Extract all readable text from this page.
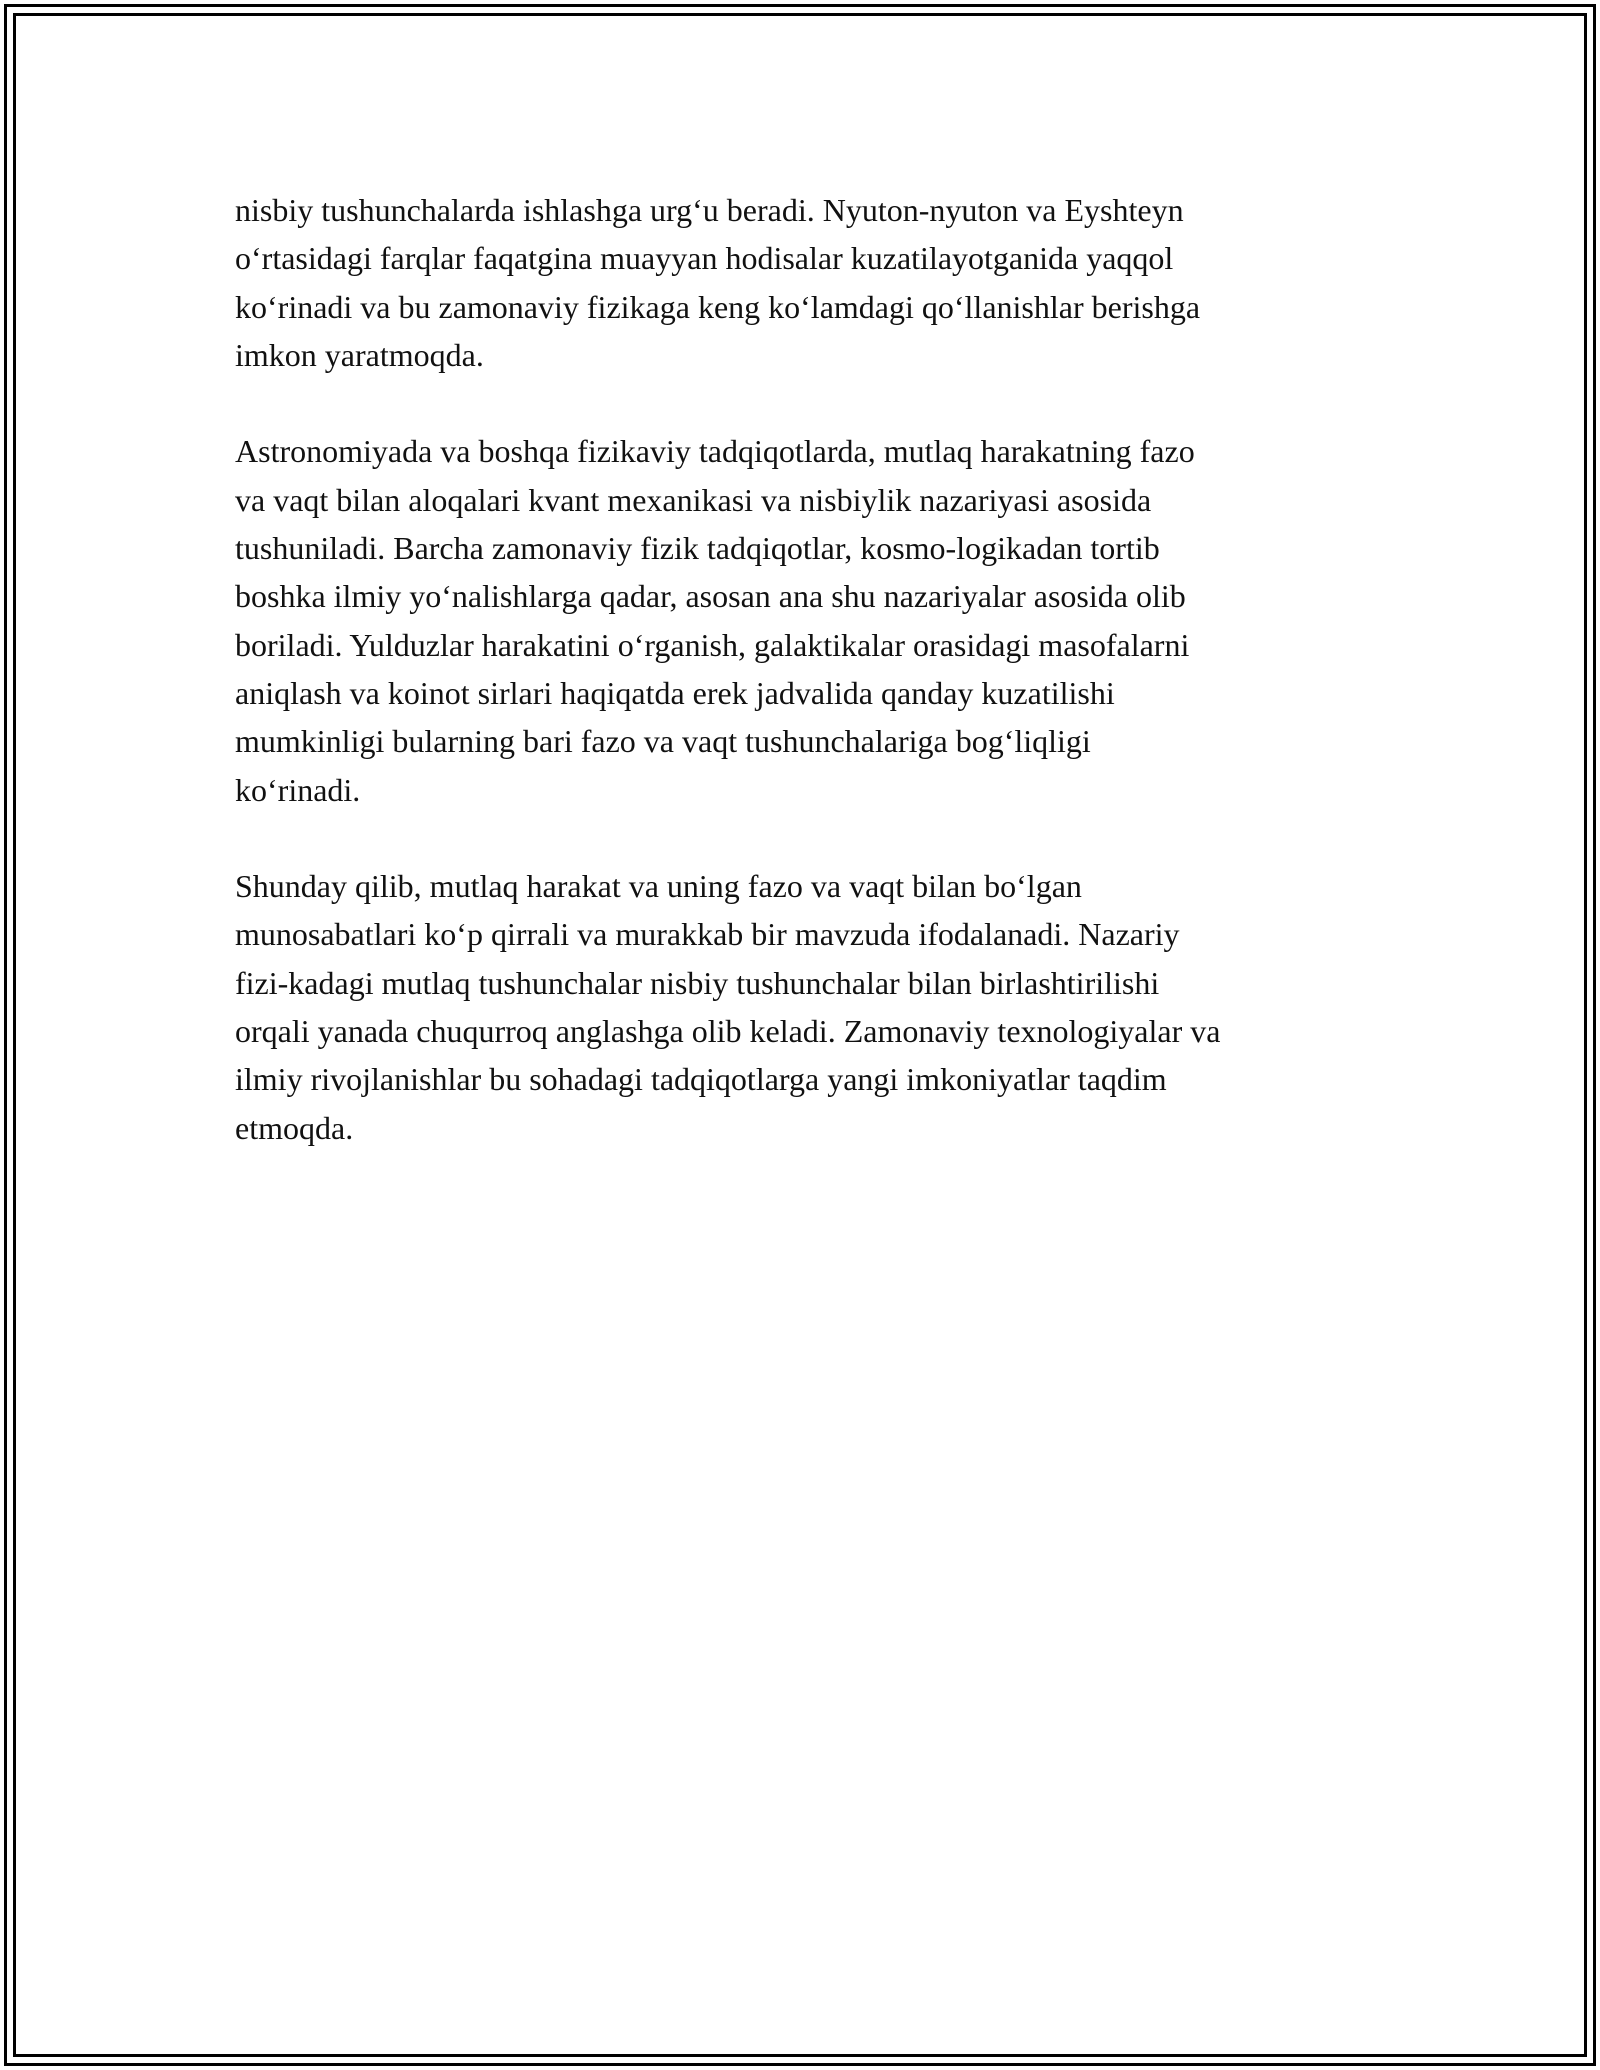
nisbiy tushunchalarda ishlashga urg‘u beradi. Nyuton-nyuton va Eyshteyn
o‘rtasidagi farqlar faqatgina muayyan hodisalar kuzatilayotganida yaqqol
ko‘rinadi va bu zamonaviy fizikaga keng ko‘lamdagi qo‘llanishlar berishga
imkon yaratmoqda.

Astronomiyada va boshqa fizikaviy tadqiqotlarda, mutlaq harakatning fazo
va vaqt bilan aloqalari kvant mexanikasi va nisbiylik nazariyasi asosida
tushuniladi. Barcha zamonaviy fizik tadqiqotlar, kosmo-logikadan tortib
boshka ilmiy yo‘nalishlarga qadar, asosan ana shu nazariyalar asosida olib
boriladi. Yulduzlar harakatini o‘rganish, galaktikalar orasidagi masofalarni
aniqlash va koinot sirlari haqiqatda erek jadvalida qanday kuzatilishi
mumkinligi bularning bari fazo va vaqt tushunchalariga bog‘liqligi
ko‘rinadi.

Shunday qilib, mutlaq harakat va uning fazo va vaqt bilan bo‘lgan
munosabatlari ko‘p qirrali va murakkab bir mavzuda ifodalanadi. Nazariy
fizi-kadagi mutlaq tushunchalar nisbiy tushunchalar bilan birlashtirilishi
orqali yanada chuqurroq anglashga olib keladi. Zamonaviy texnologiyalar va
ilmiy rivojlanishlar bu sohadagi tadqiqotlarga yangi imkoniyatlar taqdim
etmoqda.
